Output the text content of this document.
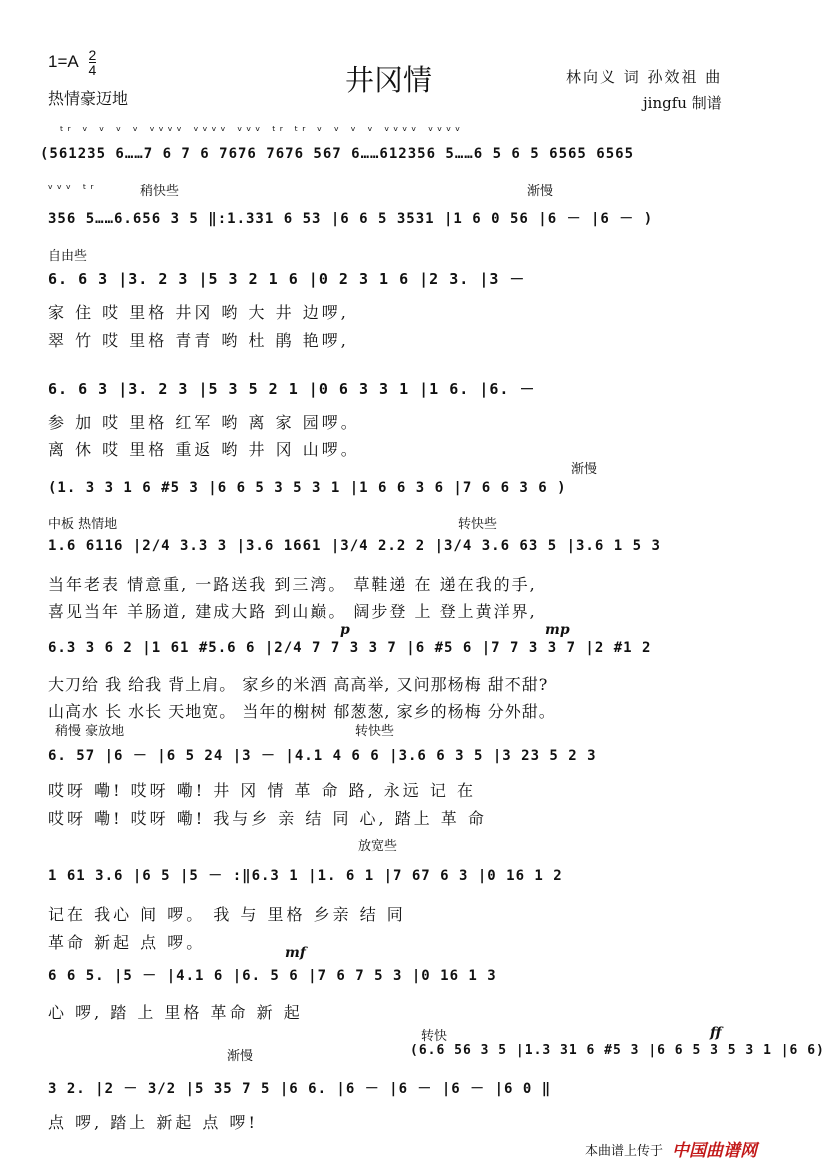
$1=A \frac{2}{4}$
热情豪迈地
井冈情	林向义 词 孙效祖 曲
jingfu 制谱
ₜᵣ ᵥ ᵥ ᵥ ᵥ ᵥᵥᵥᵥ ᵥᵥᵥᵥ ᵥᵥᵥ ₜᵣ ₜᵣ ᵥ ᵥ ᵥ ᵥ ᵥᵥᵥᵥ ᵥᵥᵥᵥ
(561235 6……7 6 7 6 7676 7676 567 6……612356 5……6 5 6 5 6565 6565
ᵥᵥᵥ ₜᵣ	稍快些	渐慢
356 5……6.656 3 5 ‖:1.331 6 53 |6 6 5 3531 |1 6 0 56 |6 － |6 － )
自由些
6. 6 3 |3. 2 3 |5 3 2 1 6 |0 2 3 1 6 |2 3. |3 －
家 住 哎 里格 井冈 哟 大 井 边啰,
翠 竹 哎 里格 青青 哟 杜 鹃 艳啰,
6. 6 3 |3. 2 3 |5 3 5 2 1 |0 6 3 3 1 |1 6. |6. －
参 加 哎 里格 红军 哟 离 家 园啰。
离 休 哎 里格 重返 哟 井 冈 山啰。
渐慢
(1. 3 3 1 6 #5 3 |6 6 5 3 5 3 1 |1 6 6 3 6 |7 6 6 3 6 )
中板 热情地	转快些
1.6 6116 |2/4 3.3 3 |3.6 1661 |3/4 2.2 2 |3/4 3.6 63 5 |3.6 1 5 3
当年老表 情意重, 一路送我 到三湾。 草鞋递 在 递在我的手,
喜见当年 羊肠道, 建成大路 到山巅。 阔步登 上 登上黄洋界,
p	mp
6.3 3 6 2 |1 61 #5.6 6 |2/4 7 7 3 3 7 |6 #5 6 |7 7 3 3 7 |2 #1 2
大刀给 我 给我 背上肩。 家乡的米酒 高高举, 又问那杨梅 甜不甜?
山高水 长 水长 天地宽。 当年的榭树 郁葱葱, 家乡的杨梅 分外甜。
稍慢 豪放地	转快些
6. 57 |6 － |6 5 24 |3 － |4.1 4 6 6 |3.6 6 3 5 |3 23 5 2 3
哎呀 嘞! 哎呀 嘞! 井 冈 情 革 命 路, 永远 记 在
哎呀 嘞! 哎呀 嘞! 我与乡 亲 结 同 心, 踏上 革 命
放宽些
1 61 3.6 |6 5 |5 － :‖6.3 1 |1. 6 1 |7 67 6 3 |0 16 1 2
记在 我心 间 啰。 我 与 里格 乡亲 结 同
革命 新起 点 啰。
mf
6 6 5. |5 － |4.1 6 |6. 5 6 |7 6 7 5 3 |0 16 1 3
心 啰, 踏 上 里格 革命 新 起
渐慢
转快	ff
(6.6 56 3 5 |1.3 31 6 #5 3 |6 6 5 3 5 3 1 |6 6)
3 2. |2 － 3/2 |5 35 7 5 |6 6. |6 － |6 － |6 － |6 0 ‖
点 啰, 踏上 新起 点 啰!
本曲谱上传于 中国曲谱网
